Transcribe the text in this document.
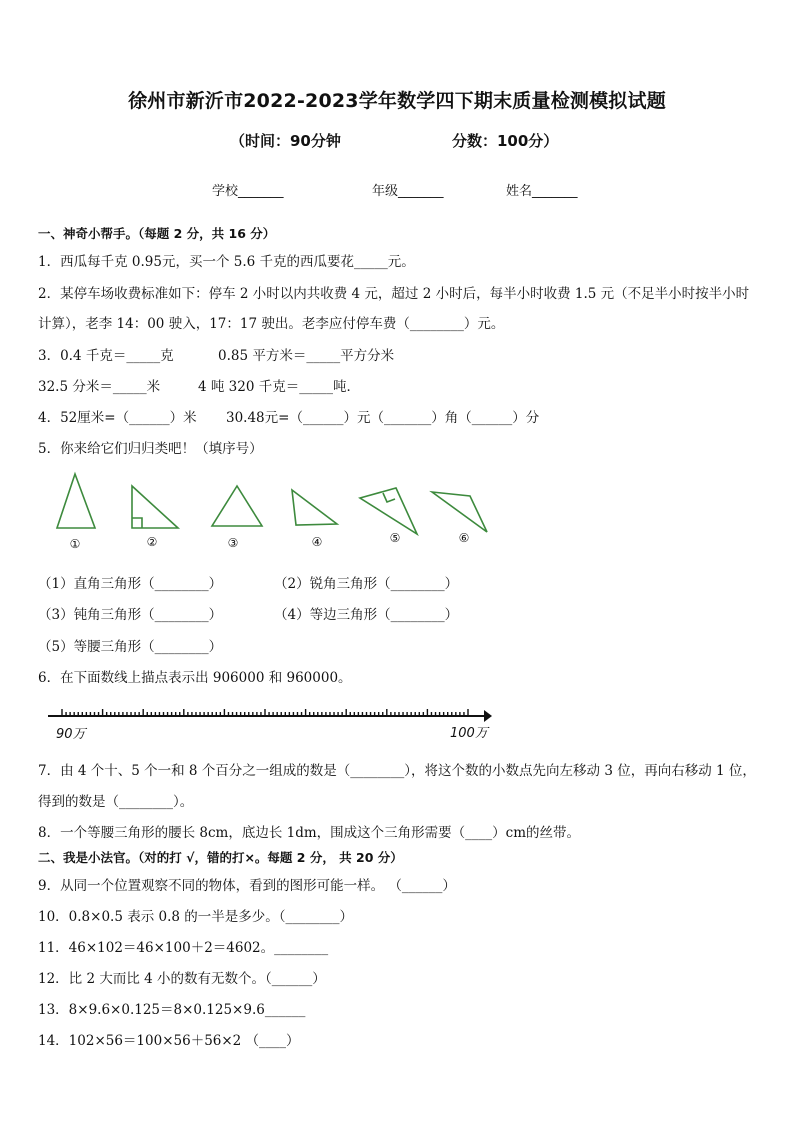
徐州市新沂市2022-2023学年数学四下期末质量检测模拟试题
（时间：90分钟	分数：100分）
学校_______	年级_______	姓名_______
一、神奇小帮手。（每题 2 分，共 16 分）
1．西瓜每千克 0.95元，买一个 5.6 千克的西瓜要花_____元。
2．某停车场收费标准如下：停车 2 小时以内共收费 4 元，超过 2 小时后，每半小时收费 1.5 元（不足半小时按半小时
计算），老李 14：00 驶入，17：17 驶出。老李应付停车费（________）元。
3．0.4 千克＝_____克	0.85 平方米＝_____平方分米
32.5 分米＝_____米	4 吨 320 千克＝_____吨．
4．52厘米=（______）米 30.48元=（______）元（_______）角（______）分
5．你来给它们归归类吧！（填序号）
①	②	③	④	⑤	⑥
（1）直角三角形（________）	（2）锐角三角形（________）
（3）钝角三角形（________）	（4）等边三角形（________）
（5）等腰三角形（________）
6．在下面数线上描点表示出 906000 和 960000。
90万	100万
7．由 4 个十、5 个一和 8 个百分之一组成的数是（________），将这个数的小数点先向左移动 3 位，再向右移动 1 位，
得到的数是（________）。
8．一个等腰三角形的腰长 8cm，底边长 1dm，围成这个三角形需要（____）cm的丝带。
二、我是小法官。（对的打 √，错的打×。每题 2 分， 共 20 分）
9．从同一个位置观察不同的物体，看到的图形可能一样。 （______）
10．0.8×0.5 表示 0.8 的一半是多少。（________）
11．46×102＝46×100＋2＝4602。________
12．比 2 大而比 4 小的数有无数个。（______）
13．8×9.6×0.125＝8×0.125×9.6______
14．102×56＝100×56＋56×2 （____）
